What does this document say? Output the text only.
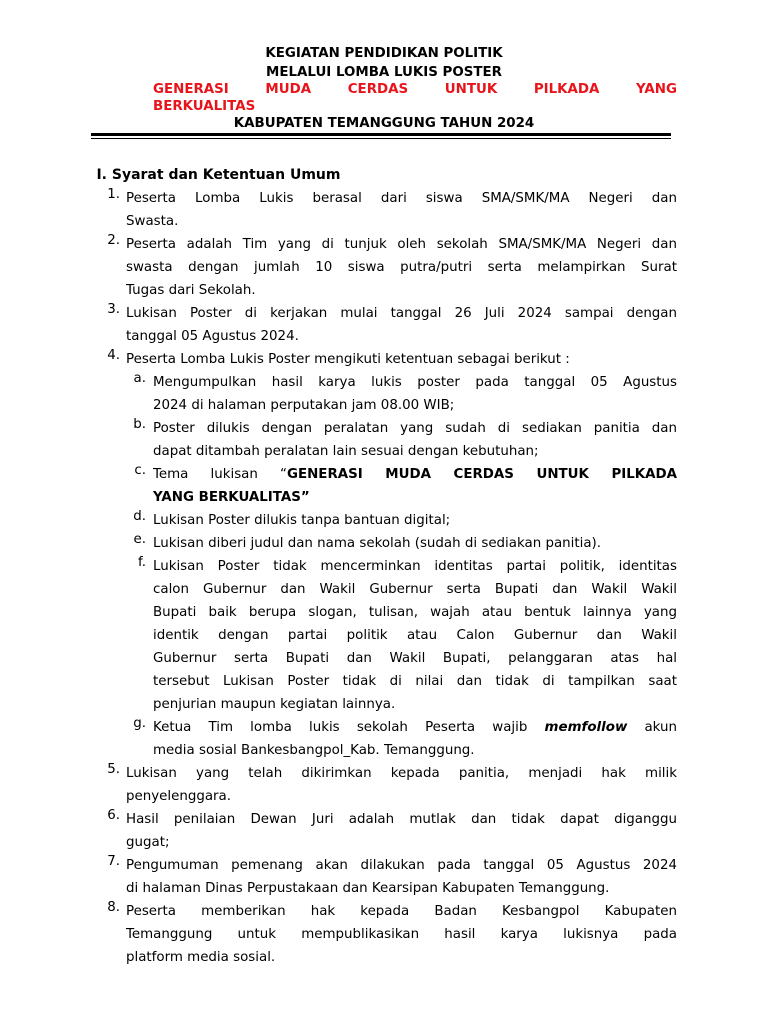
KEGIATAN PENDIDIKAN POLITIK
MELALUI LOMBA LUKIS POSTER
GENERASI MUDA CERDAS UNTUK PILKADA YANG
BERKUALITAS
KABUPATEN TEMANGGUNG TAHUN 2024
I. Syarat dan Ketentuan Umum
1. Peserta Lomba Lukis berasal dari siswa SMA/SMK/MA Negeri dan
Swasta.
2. Peserta adalah Tim yang di tunjuk oleh sekolah SMA/SMK/MA Negeri dan
swasta dengan jumlah 10 siswa putra/putri serta melampirkan Surat
Tugas dari Sekolah.
3. Lukisan Poster di kerjakan mulai tanggal 26 Juli 2024 sampai dengan
tanggal 05 Agustus 2024.
4. Peserta Lomba Lukis Poster mengikuti ketentuan sebagai berikut :
a. Mengumpulkan hasil karya lukis poster pada tanggal 05 Agustus
2024 di halaman perputakan jam 08.00 WIB;
b. Poster dilukis dengan peralatan yang sudah di sediakan panitia dan
dapat ditambah peralatan lain sesuai dengan kebutuhan;
c. Tema lukisan “GENERASI MUDA CERDAS UNTUK PILKADA
YANG BERKUALITAS”
d. Lukisan Poster dilukis tanpa bantuan digital;
e. Lukisan diberi judul dan nama sekolah (sudah di sediakan panitia).
f. Lukisan Poster tidak mencerminkan identitas partai politik, identitas
calon Gubernur dan Wakil Gubernur serta Bupati dan Wakil Wakil
Bupati baik berupa slogan, tulisan, wajah atau bentuk lainnya yang
identik dengan partai politik atau Calon Gubernur dan Wakil
Gubernur serta Bupati dan Wakil Bupati, pelanggaran atas hal
tersebut Lukisan Poster tidak di nilai dan tidak di tampilkan saat
penjurian maupun kegiatan lainnya.
g. Ketua Tim lomba lukis sekolah Peserta wajib memfollow akun
media sosial Bankesbangpol_Kab. Temanggung.
5. Lukisan yang telah dikirimkan kepada panitia, menjadi hak milik
penyelenggara.
6. Hasil penilaian Dewan Juri adalah mutlak dan tidak dapat diganggu
gugat;
7. Pengumuman pemenang akan dilakukan pada tanggal 05 Agustus 2024
di halaman Dinas Perpustakaan dan Kearsipan Kabupaten Temanggung.
8. Peserta memberikan hak kepada Badan Kesbangpol Kabupaten
Temanggung untuk mempublikasikan hasil karya lukisnya pada
platform media sosial.
